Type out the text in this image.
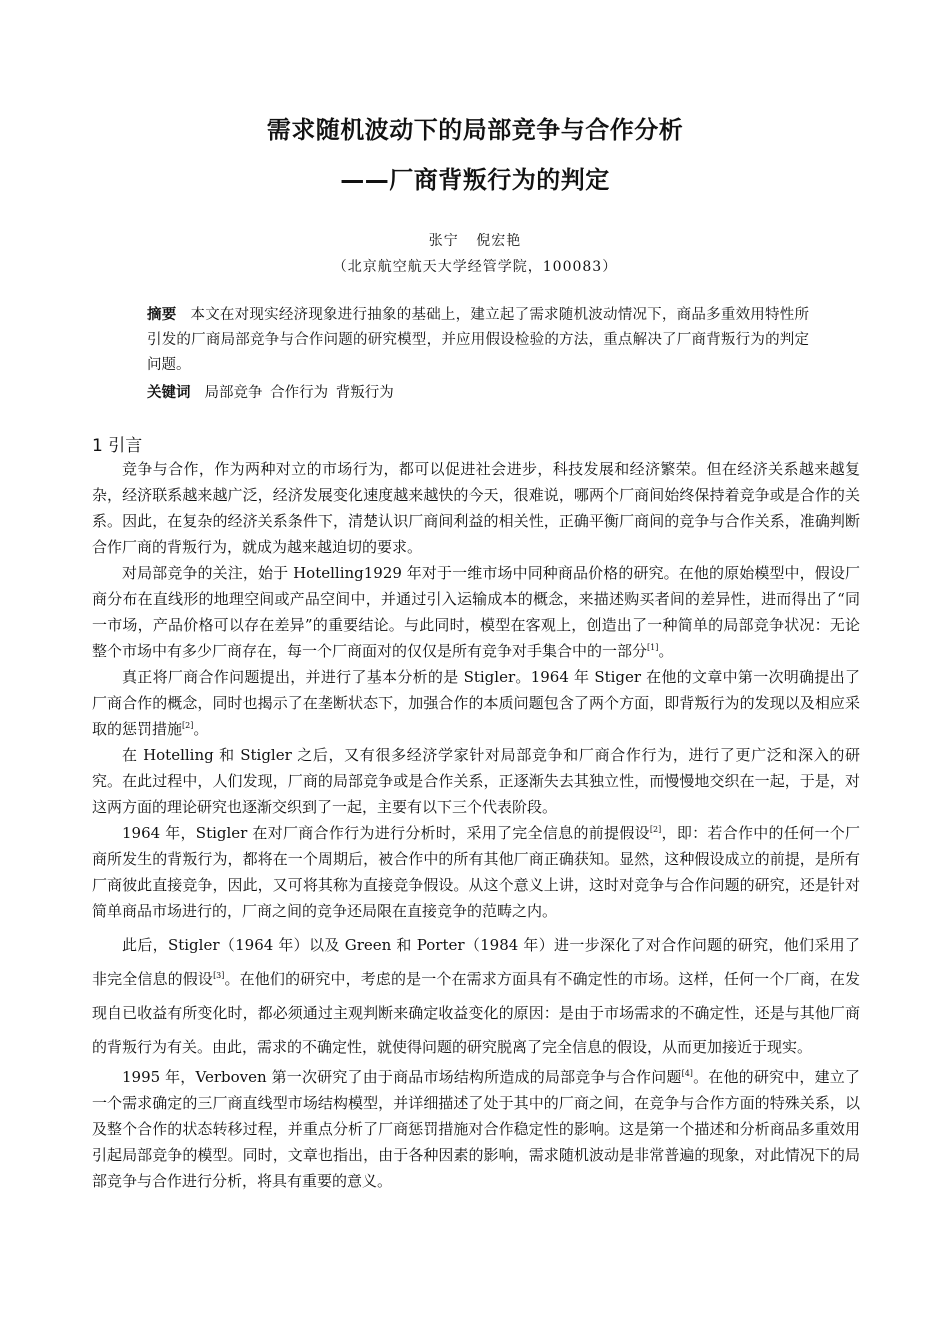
需求随机波动下的局部竞争与合作分析
——厂商背叛行为的判定
张宁 倪宏艳
（北京航空航天大学经管学院，100083）
摘要 本文在对现实经济现象进行抽象的基础上，建立起了需求随机波动情况下，商品多重效用特性所引发的厂商局部竞争与合作问题的研究模型，并应用假设检验的方法，重点解决了厂商背叛行为的判定问题。
关键词 局部竞争 合作行为 背叛行为
1 引言

竞争与合作，作为两种对立的市场行为，都可以促进社会进步，科技发展和经济繁荣。但在经济关系越来越复杂，经济联系越来越广泛，经济发展变化速度越来越快的今天，很难说，哪两个厂商间始终保持着竞争或是合作的关系。因此，在复杂的经济关系条件下，清楚认识厂商间利益的相关性，正确平衡厂商间的竞争与合作关系，准确判断合作厂商的背叛行为，就成为越来越迫切的要求。

对局部竞争的关注，始于 Hotelling1929 年对于一维市场中同种商品价格的研究。在他的原始模型中，假设厂商分布在直线形的地理空间或产品空间中，并通过引入运输成本的概念，来描述购买者间的差异性，进而得出了“同一市场，产品价格可以存在差异”的重要结论。与此同时，模型在客观上，创造出了一种简单的局部竞争状况：无论整个市场中有多少厂商存在，每一个厂商面对的仅仅是所有竞争对手集合中的一部分[1]。

真正将厂商合作问题提出，并进行了基本分析的是 Stigler。1964 年 Stiger 在他的文章中第一次明确提出了厂商合作的概念，同时也揭示了在垄断状态下，加强合作的本质问题包含了两个方面，即背叛行为的发现以及相应采取的惩罚措施[2]。

在 Hotelling 和 Stigler 之后，又有很多经济学家针对局部竞争和厂商合作行为，进行了更广泛和深入的研究。在此过程中，人们发现，厂商的局部竞争或是合作关系，正逐渐失去其独立性，而慢慢地交织在一起，于是，对这两方面的理论研究也逐渐交织到了一起，主要有以下三个代表阶段。

1964 年，Stigler 在对厂商合作行为进行分析时，采用了完全信息的前提假设[2]，即：若合作中的任何一个厂商所发生的背叛行为，都将在一个周期后，被合作中的所有其他厂商正确获知。显然，这种假设成立的前提，是所有厂商彼此直接竞争，因此，又可将其称为直接竞争假设。从这个意义上讲，这时对竞争与合作问题的研究，还是针对简单商品市场进行的，厂商之间的竞争还局限在直接竞争的范畴之内。

此后，Stigler（1964 年）以及 Green 和 Porter（1984 年）进一步深化了对合作问题的研究，他们采用了非完全信息的假设[3]。在他们的研究中，考虑的是一个在需求方面具有不确定性的市场。这样，任何一个厂商，在发现自已收益有所变化时，都必须通过主观判断来确定收益变化的原因：是由于市场需求的不确定性，还是与其他厂商的背叛行为有关。由此，需求的不确定性，就使得问题的研究脱离了完全信息的假设，从而更加接近于现实。

1995 年，Verboven 第一次研究了由于商品市场结构所造成的局部竞争与合作问题[4]。在他的研究中，建立了一个需求确定的三厂商直线型市场结构模型，并详细描述了处于其中的厂商之间，在竞争与合作方面的特殊关系，以及整个合作的状态转移过程，并重点分析了厂商惩罚措施对合作稳定性的影响。这是第一个描述和分析商品多重效用引起局部竞争的模型。同时，文章也指出，由于各种因素的影响，需求随机波动是非常普遍的现象，对此情况下的局部竞争与合作进行分析，将具有重要的意义。
